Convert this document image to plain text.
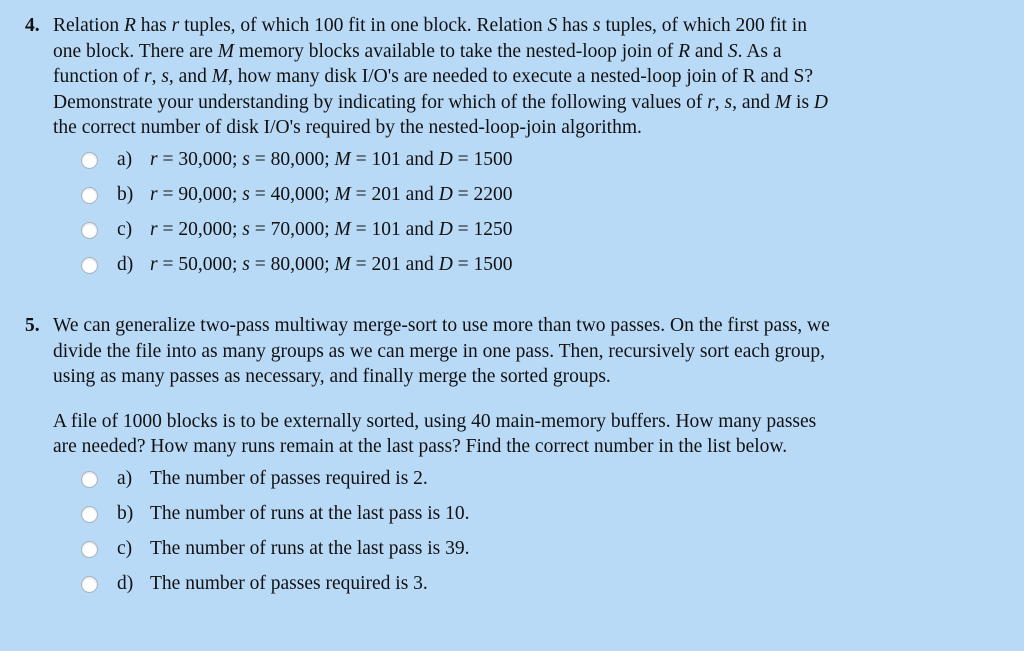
4. Relation R has r tuples, of which 100 fit in one block. Relation S has s tuples, of which 200 fit in
one block. There are M memory blocks available to take the nested-loop join of R and S. As a
function of r, s, and M, how many disk I/O's are needed to execute a nested-loop join of R and S?
Demonstrate your understanding by indicating for which of the following values of r, s, and M is D
the correct number of disk I/O's required by the nested-loop-join algorithm.
a) r = 30,000; s = 80,000; M = 101 and D = 1500
b) r = 90,000; s = 40,000; M = 201 and D = 2200
c) r = 20,000; s = 70,000; M = 101 and D = 1250
d) r = 50,000; s = 80,000; M = 201 and D = 1500
5. We can generalize two-pass multiway merge-sort to use more than two passes. On the first pass, we
divide the file into as many groups as we can merge in one pass. Then, recursively sort each group,
using as many passes as necessary, and finally merge the sorted groups.
A file of 1000 blocks is to be externally sorted, using 40 main-memory buffers. How many passes
are needed? How many runs remain at the last pass? Find the correct number in the list below.
a) The number of passes required is 2.
b) The number of runs at the last pass is 10.
c) The number of runs at the last pass is 39.
d) The number of passes required is 3.
